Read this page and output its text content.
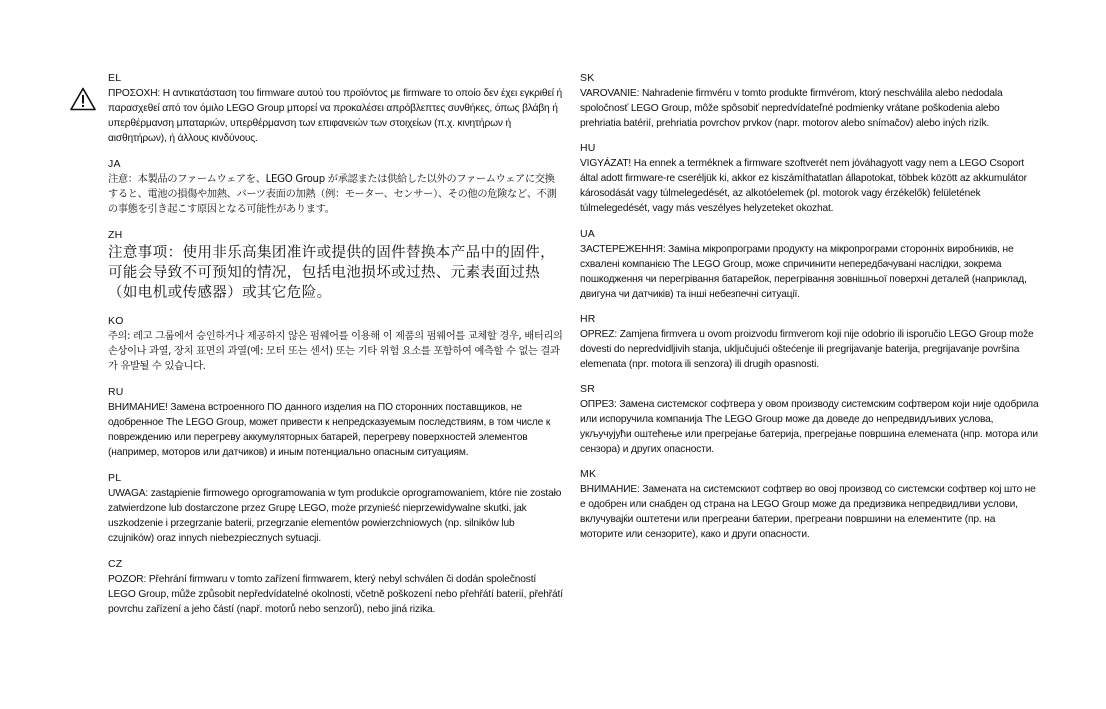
EL

ΠΡΟΣΟΧΗ: Η αντικατάσταση του firmware αυτού του προϊόντος με firmware το οποίο δεν έχει εγκριθεί ή παρασχεθεί από τον όμιλο LEGO Group μπορεί να προκαλέσει απρόβλεπτες συνθήκες, όπως βλάβη ή υπερθέρμανση μπαταριών, υπερθέρμανση των επιφανειών των στοιχείων (π.χ. κινητήρων ή αισθητήρων), ή άλλους κινδύνους.

JA

注意：本製品のファームウェアを、LEGO Group が承認または供給した以外のファームウェアに交換すると、電池の損傷や加熱、パーツ表面の加熱（例：モーター、センサー）、その他の危険など、不測の事態を引き起こす原因となる可能性があります。

ZH

注意事项：使用非乐高集团准许或提供的固件替换本产品中的固件，可能会导致不可预知的情况，包括电池损坏或过热、元素表面过热（如电机或传感器）或其它危险。

KO

주의: 레고 그룹에서 승인하거나 제공하지 않은 펌웨어를 이용해 이 제품의 펌웨어를 교체할 경우, 배터리의 손상이나 과열, 장치 표면의 과열(예: 모터 또는 센서) 또는 기타 위험 요소를 포함하여 예측할 수 없는 결과가 유발될 수 있습니다.

RU

ВНИМАНИЕ! Замена встроенного ПО данного изделия на ПО сторонних поставщиков, не одобренное The LEGO Group, может привести к непредсказуемым последствиям, в том числе к повреждению или перегреву аккумуляторных батарей, перегреву поверхностей элементов (например, моторов или датчиков) и иным потенциально опасным ситуациям.

PL

UWAGA: zastąpienie firmowego oprogramowania w tym produkcie oprogramowaniem, które nie zostało zatwierdzone lub dostarczone przez Grupę LEGO, może przynieść nieprzewidywalne skutki, jak uszkodzenie i przegrzanie baterii, przegrzanie elementów powierzchniowych (np. silników lub czujników) oraz innych niebezpiecznych sytuacji.

CZ

POZOR: Přehrání firmwaru v tomto zařízení firmwarem, který nebyl schválen či dodán společností LEGO Group, může způsobit nepředvídatelné okolnosti, včetně poškození nebo přehřátí baterií, přehřátí povrchu zařízení a jeho částí (např. motorů nebo senzorů), nebo jiná rizika.

SK

VAROVANIE: Nahradenie firmvéru v tomto produkte firmvérom, ktorý neschválila alebo nedodala spoločnosť LEGO Group, môže spôsobiť nepredvídateľné podmienky vrátane poškodenia alebo prehriatia batérií, prehriatia povrchov prvkov (napr. motorov alebo snímačov) alebo iných rizík.

HU

VIGYÁZAT! Ha ennek a terméknek a firmware szoftverét nem jóváhagyott vagy nem a LEGO Csoport által adott firmware-re cseréljük ki, akkor ez kiszámíthatatlan állapotokat, többek között az akkumulátor károsodását vagy túlmelegedését, az alkotóelemek (pl. motorok vagy érzékelők) felületének túlmelegedését, vagy más veszélyes helyzeteket okozhat.

UA

ЗАСТЕРЕЖЕННЯ: Заміна мікропрограми продукту на мікропрограми сторонніх виробників, не схвалені компанією The LEGO Group, може спричинити непередбачувані наслідки, зокрема пошкодження чи перегрівання батарейок, перегрівання зовнішньої поверхні деталей (наприклад, двигуна чи датчиків) та інші небезпечні ситуації.

HR

OPREZ: Zamjena firmvera u ovom proizvodu firmverom koji nije odobrio ili isporučio LEGO Group može dovesti do nepredvidljivih stanja, uključujući oštećenje ili pregrijavanje baterija, pregrijavanje površina elemenata (npr. motora ili senzora) ili drugih opasnosti.

SR

ОПРЕЗ: Замена системског софтвера у овом производу системским софтвером који није одобрила или испоручила компанија The LEGO Group може да доведе до непредвидљивих услова, укључујући оштећење или прегрејање батерија, прегрејање површина елемената (нпр. мотора или сензора) и других опасности.

MK

ВНИМАНИЕ: Замената на системскиот софтвер во овој производ со системски софтвер кој што не е одобрен или снабден од страна на LEGO Group може да предизвика непредвидливи услови, вклучувајќи оштетени или прегреани батерии, прегреани површини на елементите (пр. на моторите или сензорите), како и други опасности.
